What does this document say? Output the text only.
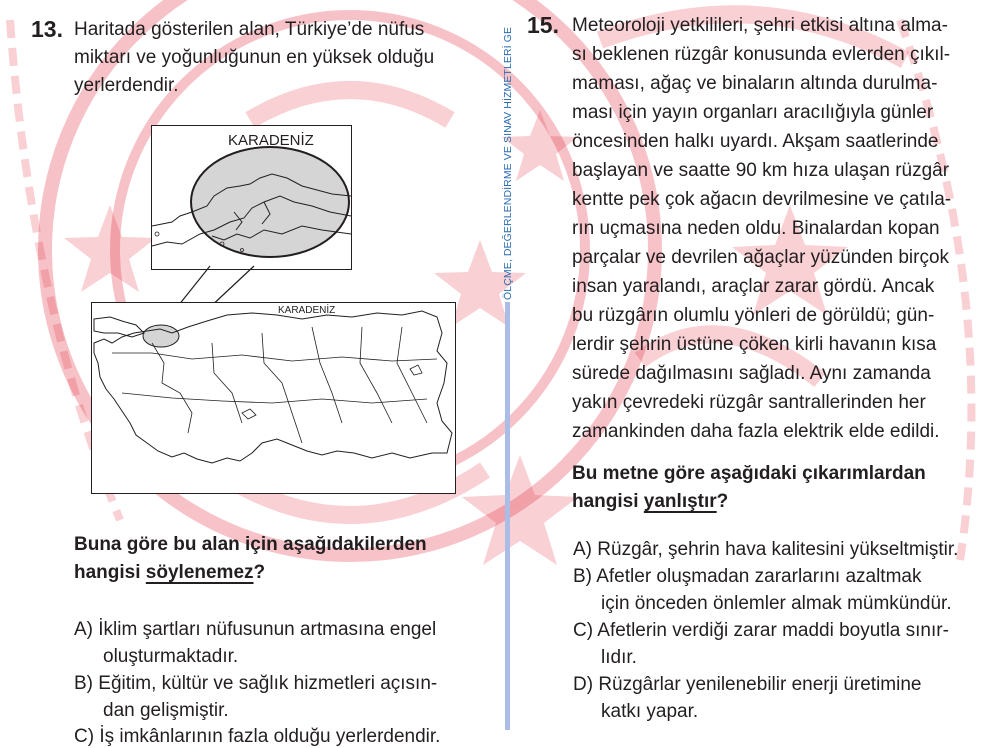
ÖLÇME, DEĞERLENDİRME VE SINAV HİZMETLERİ GE
13. Haritada gösterilen alan, Türkiye’de nüfus
miktarı ve yoğunluğunun en yüksek olduğu
yerlerdendir.
KARADENİZ
KARADENİZ
Buna göre bu alan için aşağıdakilerden
hangisi söylenemez?
A) İklim şartları nüfusunun artmasına engel
oluşturmaktadır.
B) Eğitim, kültür ve sağlık hizmetleri açısın-
dan gelişmiştir.
C) İş imkânlarının fazla olduğu yerlerdendir.
15. Meteoroloji yetkilileri, şehri etkisi altına alma-
sı beklenen rüzgâr konusunda evlerden çıkıl-
maması, ağaç ve binaların altında durulma-
ması için yayın organları aracılığıyla günler
öncesinden halkı uyardı. Akşam saatlerinde
başlayan ve saatte 90 km hıza ulaşan rüzgâr
kentte pek çok ağacın devrilmesine ve çatıla-
rın uçmasına neden oldu. Binalardan kopan
parçalar ve devrilen ağaçlar yüzünden birçok
insan yaralandı, araçlar zarar gördü. Ancak
bu rüzgârın olumlu yönleri de görüldü; gün-
lerdir şehrin üstüne çöken kirli havanın kısa
sürede dağılmasını sağladı. Aynı zamanda
yakın çevredeki rüzgâr santrallerinden her
zamankinden daha fazla elektrik elde edildi.
Bu metne göre aşağıdaki çıkarımlardan
hangisi yanlıştır?
A) Rüzgâr, şehrin hava kalitesini yükseltmiştir.
B) Afetler oluşmadan zararlarını azaltmak
için önceden önlemler almak mümkündür.
C) Afetlerin verdiği zarar maddi boyutla sınır-
lıdır.
D) Rüzgârlar yenilenebilir enerji üretimine
katkı yapar.
